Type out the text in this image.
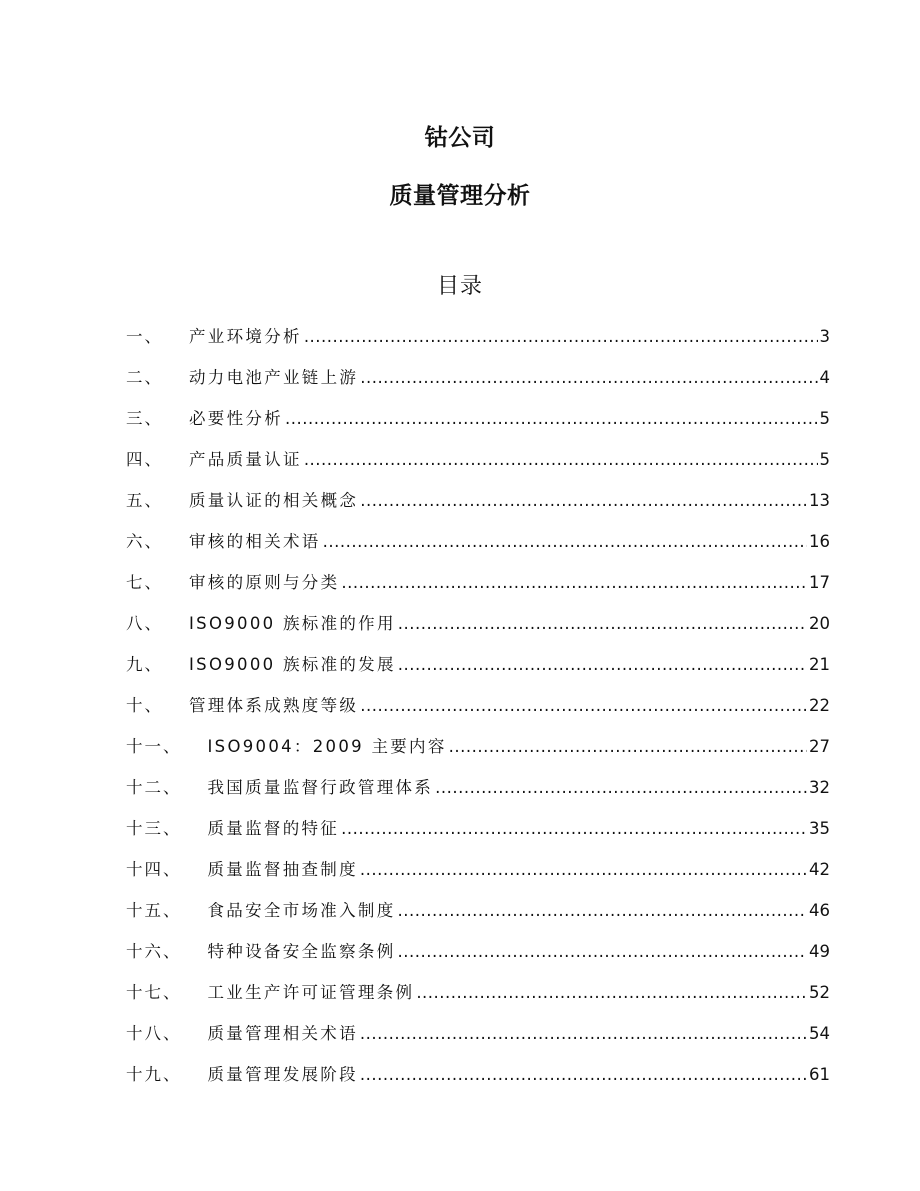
钴公司
质量管理分析
目录
一、 产业环境分析 .....	3
二、 动力电池产业链上游 .....	4
三、 必要性分析 .....	5
四、 产品质量认证 .....	5
五、 质量认证的相关概念 .....	13
六、 审核的相关术语 .....	16
七、 审核的原则与分类 .....	17
八、 ISO9000 族标准的作用 .....	20
九、 ISO9000 族标准的发展 .....	21
十、 管理体系成熟度等级 .....	22
十一、 ISO9004：2009 主要内容 .....	27
十二、 我国质量监督行政管理体系 .....	32
十三、 质量监督的特征 .....	35
十四、 质量监督抽查制度 .....	42
十五、 食品安全市场准入制度 .....	46
十六、 特种设备安全监察条例 .....	49
十七、 工业生产许可证管理条例 .....	52
十八、 质量管理相关术语 .....	54
十九、 质量管理发展阶段 .....	61
